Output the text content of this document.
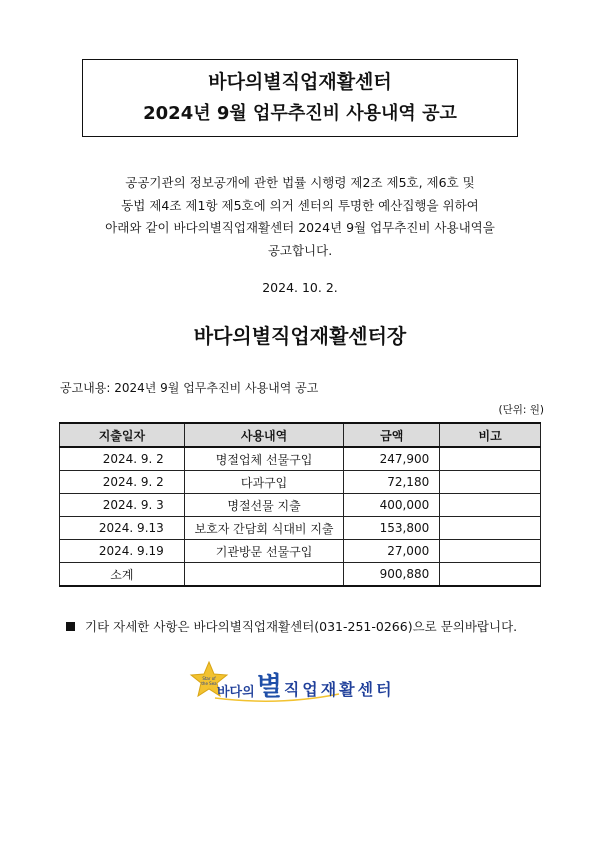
바다의별직업재활센터
2024년 9월 업무추진비 사용내역 공고
공공기관의 정보공개에 관한 법률 시행령 제2조 제5호, 제6호 및
동법 제4조 제1항 제5호에 의거 센터의 투명한 예산집행을 위하여
아래와 같이 바다의별직업재활센터 2024년 9월 업무추진비 사용내역을
공고합니다.
2024. 10. 2.
바다의별직업재활센터장
공고내용: 2024년 9월 업무추진비 사용내역 공고
(단위: 원)
지출일자	사용내역	금액	비고
2024. 9. 2	명절업체 선물구입	247,900	
2024. 9. 2	다과구입	72,180	
2024. 9. 3	명절선물 지출	400,000	
2024. 9.13	보호자 간담회 식대비 지출	153,800	
2024. 9.19	기관방문 선물구입	27,000	
소계		900,880	
기타 자세한 사항은 바다의별직업재활센터(031-251-0266)으로 문의바랍니다.
Star of
the Sea
바다의 별 직업재활센터
